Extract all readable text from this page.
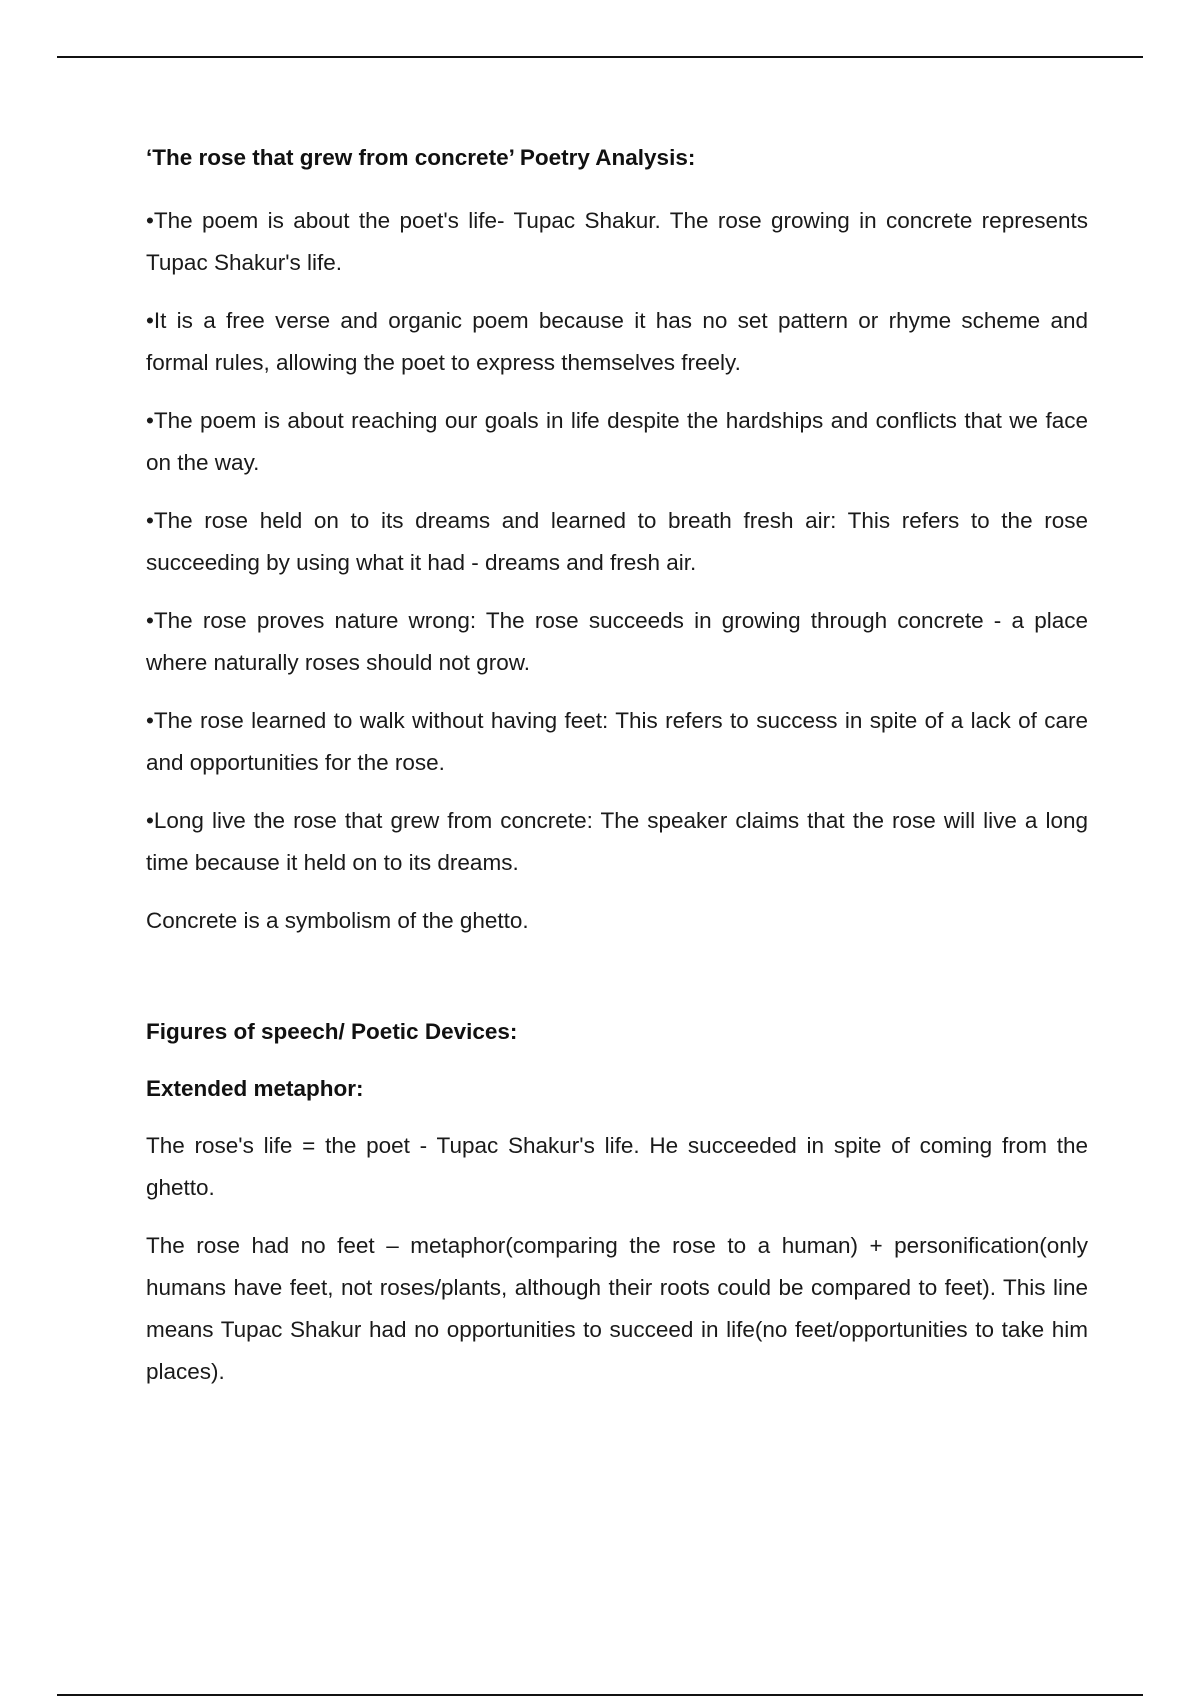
‘The rose that grew from concrete’ Poetry Analysis:
•The poem is about the poet's life- Tupac Shakur. The rose growing in concrete represents Tupac Shakur's life.
•It is a free verse and organic poem because it has no set pattern or rhyme scheme and formal rules, allowing the poet to express themselves freely.
•The poem is about reaching our goals in life despite the hardships and conflicts that we face on the way.
•The rose held on to its dreams and learned to breath fresh air: This refers to the rose succeeding by using what it had - dreams and fresh air.
•The rose proves nature wrong: The rose succeeds in growing through concrete - a place where naturally roses should not grow.
•The rose learned to walk without having feet: This refers to success in spite of a lack of care and opportunities for the rose.
•Long live the rose that grew from concrete: The speaker claims that the rose will live a long time because it held on to its dreams.
Concrete is a symbolism of the ghetto.
Figures of speech/ Poetic Devices:
Extended metaphor:
The rose's life = the poet - Tupac Shakur's life. He succeeded in spite of coming from the ghetto.
The rose had no feet – metaphor(comparing the rose to a human) + personification(only humans have feet, not roses/plants, although their roots could be compared to feet). This line means Tupac Shakur had no opportunities to succeed in life(no feet/opportunities to take him places).
